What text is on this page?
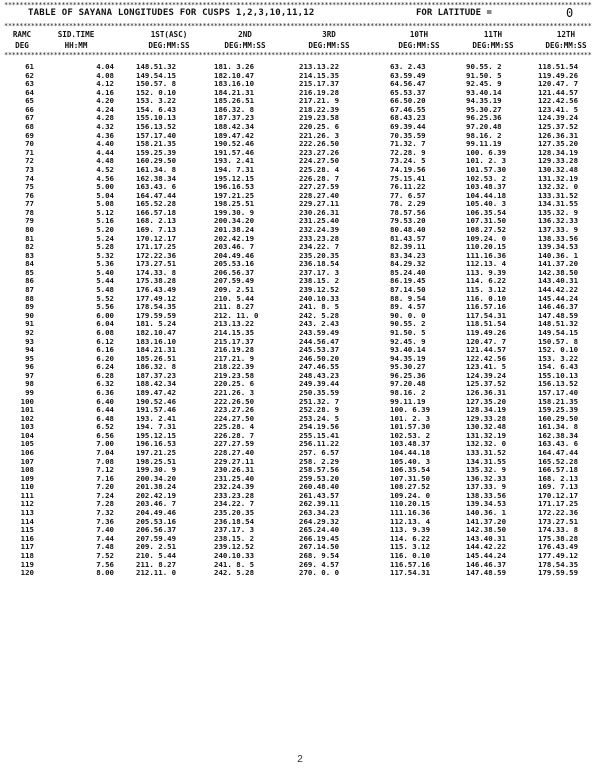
**********************************************************************************************************************************************************
TABLE OF SAYANA LONGITUDES FOR CUSPS 1,2,3,10,11,12	FOR LATITUDE =	0
**********************************************************************************************************************************************************
RAMC	SID.TIME	1ST(ASC)	2ND	3RD	10TH	11TH	12TH
DEG	HH:MM	DEG:MM:SS	DEG:MM:SS	DEG:MM:SS	DEG:MM:SS	DEG:MM:SS	DEG:MM:SS
**********************************************************************************************************************************************************
61	4.04	148.51.32	181. 3.26	213.13.22	63. 2.43	90.55. 2	118.51.54
62	4.08	149.54.15	182.10.47	214.15.35	63.59.49	91.50. 5	119.49.26
63	4.12	150.57. 8	183.16.10	215.17.37	64.56.47	92.45. 9	120.47. 7
64	4.16	152. 0.10	184.21.31	216.19.28	65.53.37	93.40.14	121.44.57
65	4.20	153. 3.22	185.26.51	217.21. 9	66.50.20	94.35.19	122.42.56
66	4.24	154. 6.43	186.32. 8	218.22.39	67.46.55	95.30.27	123.41. 5
67	4.28	155.10.13	187.37.23	219.23.58	68.43.23	96.25.36	124.39.24
68	4.32	156.13.52	188.42.34	220.25. 6	69.39.44	97.20.48	125.37.52
69	4.36	157.17.40	189.47.42	221.26. 3	70.35.59	98.16. 2	126.36.31
70	4.40	158.21.35	190.52.46	222.26.50	71.32. 7	99.11.19	127.35.20
71	4.44	159.25.39	191.57.46	223.27.26	72.28. 9	100. 6.39	128.34.19
72	4.48	160.29.50	193. 2.41	224.27.50	73.24. 5	101. 2. 3	129.33.28
73	4.52	161.34. 8	194. 7.31	225.28. 4	74.19.56	101.57.30	130.32.48
74	4.56	162.38.34	195.12.15	226.28. 7	75.15.41	102.53. 2	131.32.19
75	5.00	163.43. 6	196.16.53	227.27.59	76.11.22	103.48.37	132.32. 0
76	5.04	164.47.44	197.21.25	228.27.40	77. 6.57	104.44.18	133.31.52
77	5.08	165.52.28	198.25.51	229.27.11	78. 2.29	105.40. 3	134.31.55
78	5.12	166.57.18	199.30. 9	230.26.31	78.57.56	106.35.54	135.32. 9
79	5.16	168. 2.13	200.34.20	231.25.40	79.53.20	107.31.50	136.32.33
80	5.20	169. 7.13	201.38.24	232.24.39	80.48.40	108.27.52	137.33. 9
81	5.24	170.12.17	202.42.19	233.23.28	81.43.57	109.24. 0	138.33.56
82	5.28	171.17.25	203.46. 7	234.22. 7	82.39.11	110.20.15	139.34.53
83	5.32	172.22.36	204.49.46	235.20.35	83.34.23	111.16.36	140.36. 1
84	5.36	173.27.51	205.53.16	236.18.54	84.29.32	112.13. 4	141.37.20
85	5.40	174.33. 8	206.56.37	237.17. 3	85.24.40	113. 9.39	142.38.50
86	5.44	175.38.28	207.59.49	238.15. 2	86.19.45	114. 6.22	143.40.31
87	5.48	176.43.49	209. 2.51	239.12.52	87.14.50	115. 3.12	144.42.22
88	5.52	177.49.12	210. 5.44	240.10.33	88. 9.54	116. 0.10	145.44.24
89	5.56	178.54.35	211. 8.27	241. 8. 5	89. 4.57	116.57.16	146.46.37
90	6.00	179.59.59	212. 11. 0	242. 5.28	90. 0. 0	117.54.31	147.48.59
91	6.04	181. 5.24	213.13.22	243. 2.43	90.55. 2	118.51.54	148.51.32
92	6.08	182.10.47	214.15.35	243.59.49	91.50. 5	119.49.26	149.54.15
93	6.12	183.16.10	215.17.37	244.56.47	92.45. 9	120.47. 7	150.57. 8
94	6.16	184.21.31	216.19.28	245.53.37	93.40.14	121.44.57	152. 0.10
95	6.20	185.26.51	217.21. 9	246.50.20	94.35.19	122.42.56	153. 3.22
96	6.24	186.32. 8	218.22.39	247.46.55	95.30.27	123.41. 5	154. 6.43
97	6.28	187.37.23	219.23.58	248.43.23	96.25.36	124.39.24	155.10.13
98	6.32	188.42.34	220.25. 6	249.39.44	97.20.48	125.37.52	156.13.52
99	6.36	189.47.42	221.26. 3	250.35.59	98.16. 2	126.36.31	157.17.40
100	6.40	190.52.46	222.26.50	251.32. 7	99.11.19	127.35.20	158.21.35
101	6.44	191.57.46	223.27.26	252.28. 9	100. 6.39	128.34.19	159.25.39
102	6.48	193. 2.41	224.27.50	253.24. 5	101. 2. 3	129.33.28	160.29.50
103	6.52	194. 7.31	225.28. 4	254.19.56	101.57.30	130.32.48	161.34. 8
104	6.56	195.12.15	226.28. 7	255.15.41	102.53. 2	131.32.19	162.38.34
105	7.00	196.16.53	227.27.59	256.11.22	103.48.37	132.32. 0	163.43. 6
106	7.04	197.21.25	228.27.40	257. 6.57	104.44.18	133.31.52	164.47.44
107	7.08	198.25.51	229.27.11	258. 2.29	105.40. 3	134.31.55	165.52.28
108	7.12	199.30. 9	230.26.31	258.57.56	106.35.54	135.32. 9	166.57.18
109	7.16	200.34.20	231.25.40	259.53.20	107.31.50	136.32.33	168. 2.13
110	7.20	201.38.24	232.24.39	260.48.40	108.27.52	137.33. 9	169. 7.13
111	7.24	202.42.19	233.23.28	261.43.57	109.24. 0	138.33.56	170.12.17
112	7.28	203.46. 7	234.22. 7	262.39.11	110.20.15	139.34.53	171.17.25
113	7.32	204.49.46	235.20.35	263.34.23	111.16.36	140.36. 1	172.22.36
114	7.36	205.53.16	236.18.54	264.29.32	112.13. 4	141.37.20	173.27.51
115	7.40	206.56.37	237.17. 3	265.24.40	113. 9.39	142.38.50	174.33. 8
116	7.44	207.59.49	238.15. 2	266.19.45	114. 6.22	143.40.31	175.38.28
117	7.48	209. 2.51	239.12.52	267.14.50	115. 3.12	144.42.22	176.43.49
118	7.52	210. 5.44	240.10.33	268. 9.54	116. 0.10	145.44.24	177.49.12
119	7.56	211. 8.27	241. 8. 5	269. 4.57	116.57.16	146.46.37	178.54.35
120	8.00	212.11. 0	242. 5.28	270. 0. 0	117.54.31	147.48.59	179.59.59
2
